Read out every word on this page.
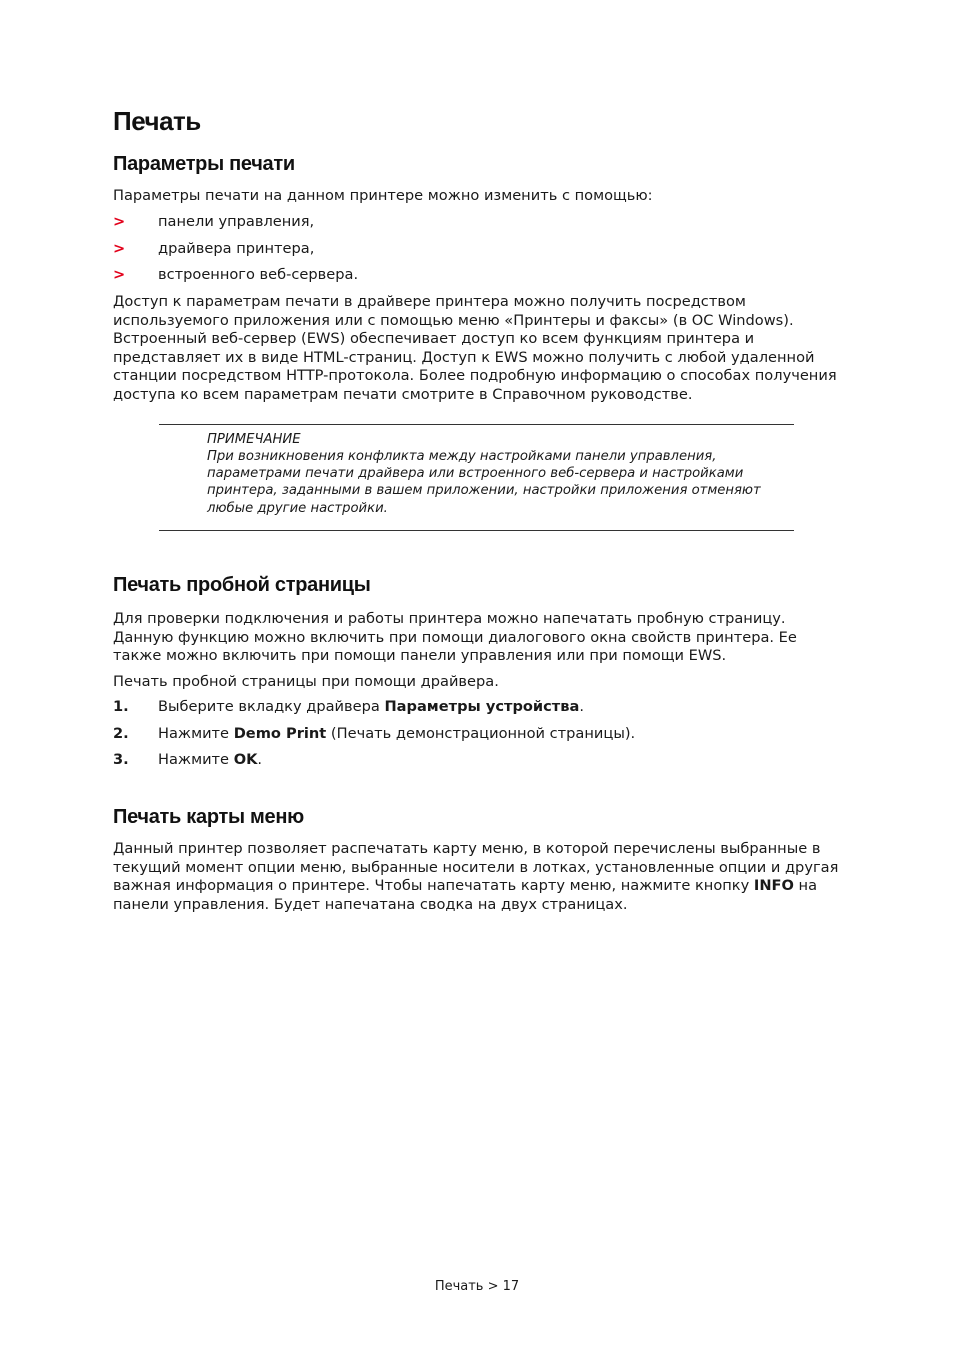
Печать
Параметры печати

Параметры печати на данном принтере можно изменить с помощью:

> панели управления,
> драйвера принтера,
> встроенного веб-сервера.

Доступ к параметрам печати в драйвере принтера можно получить посредством используемого приложения или с помощью меню «Принтеры и факсы» (в ОС Windows). Встроенный веб-сервер (EWS) обеспечивает доступ ко всем функциям принтера и представляет их в виде HTML-страниц. Доступ к EWS можно получить с любой удаленной станции посредством HTTP-протокола. Более подробную информацию о способах получения доступа ко всем параметрам печати смотрите в Справочном руководстве.

ПРИМЕЧАНИЕ
При возникновения конфликта между настройками панели управления, параметрами печати драйвера или встроенного веб-сервера и настройками принтера, заданными в вашем приложении, настройки приложения отменяют любые другие настройки.
Печать пробной страницы

Для проверки подключения и работы принтера можно напечатать пробную страницу. Данную функцию можно включить при помощи диалогового окна свойств принтера. Ее также можно включить при помощи панели управления или при помощи EWS.

Печать пробной страницы при помощи драйвера.

1. Выберите вкладку драйвера Параметры устройства.
2. Нажмите Demo Print (Печать демонстрационной страницы).
3. Нажмите OK.
Печать карты меню

Данный принтер позволяет распечатать карту меню, в которой перечислены выбранные в текущий момент опции меню, выбранные носители в лотках, установленные опции и другая важная информация о принтере. Чтобы напечатать карту меню, нажмите кнопку INFO на панели управления. Будет напечатана сводка на двух страницах.

Печать > 17
